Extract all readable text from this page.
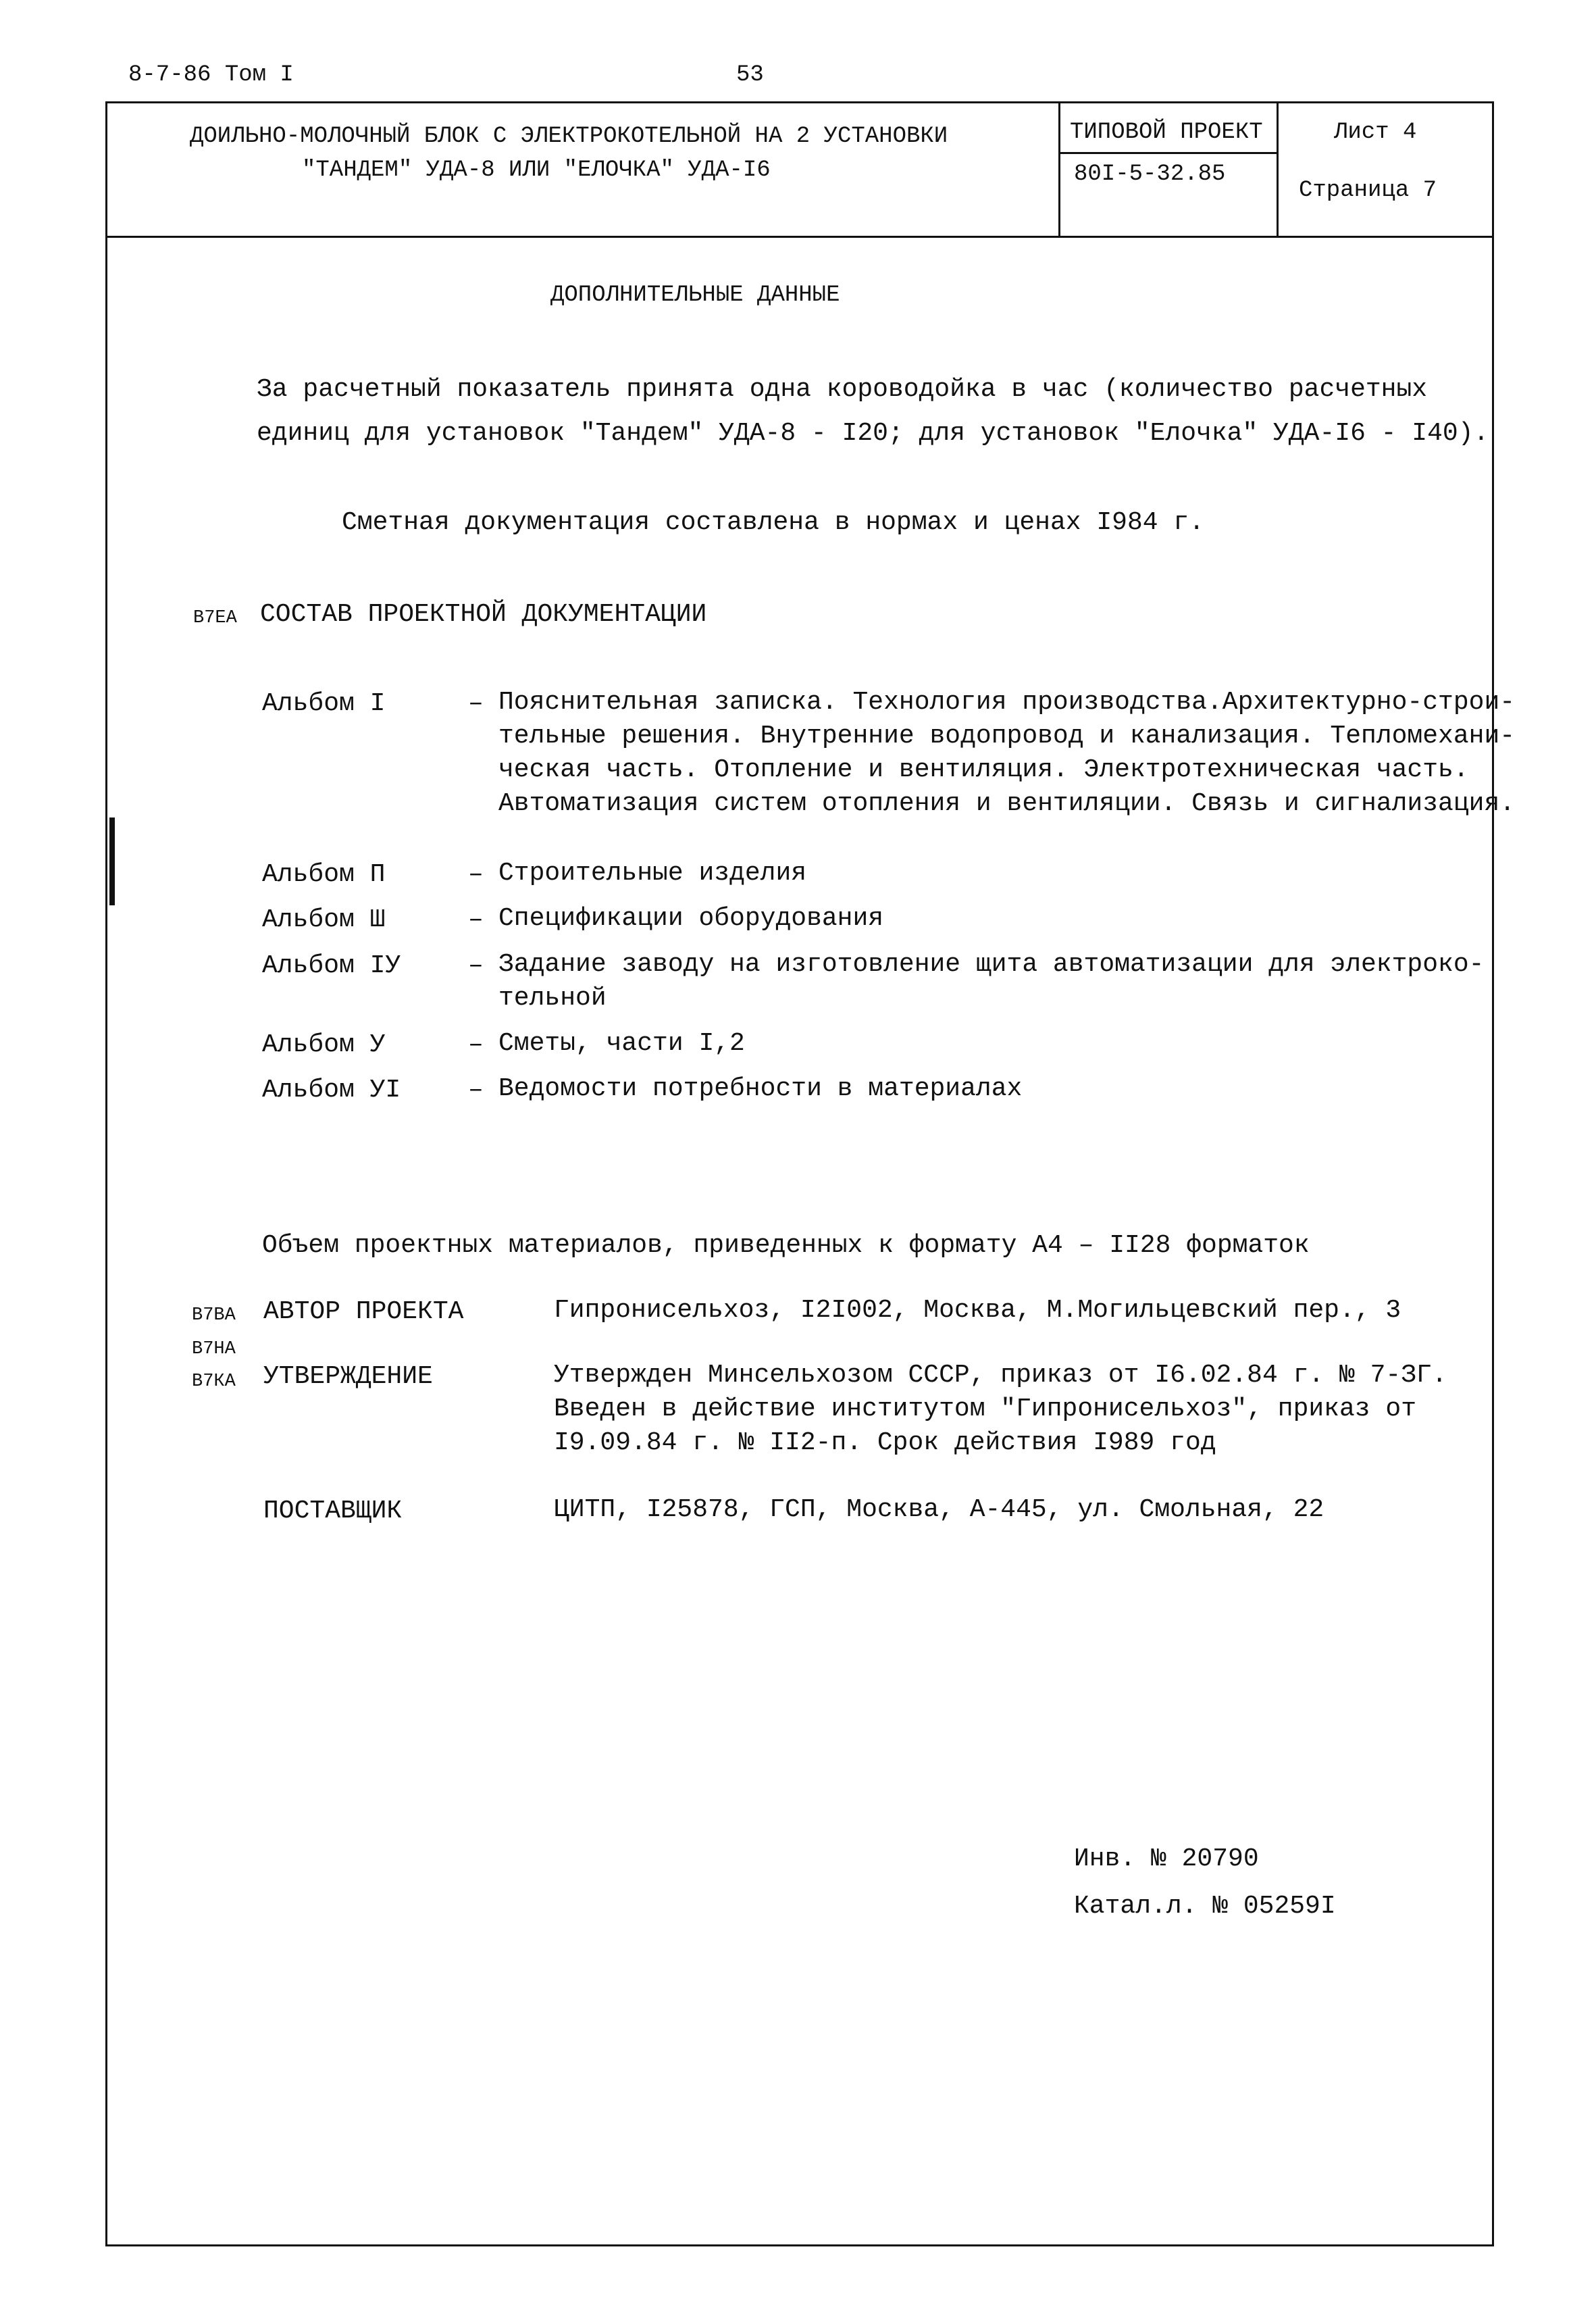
8-7-86 Том I	53
ДОИЛЬНО-МОЛОЧНЫЙ БЛОК С ЭЛЕКТРОКОТЕЛЬНОЙ НА 2 УСТАНОВКИ
"ТАНДЕМ" УДА-8 ИЛИ "ЕЛОЧКА" УДА-I6
ТИПОВОЙ ПРОЕКТ
80I-5-32.85
Лист 4
Страница 7
ДОПОЛНИТЕЛЬНЫЕ ДАННЫЕ
За расчетный показатель принята одна короводойка в час (количество расчетных
единиц для установок "Тандем" УДА-8 - I20; для установок "Елочка" УДА-I6 - I40).
Сметная документация составлена в нормах и ценах I984 г.
В7ЕА СОСТАВ ПРОЕКТНОЙ ДОКУМЕНТАЦИИ
Альбом I	– Пояснительная записка. Технология производства.Архитектурно-строи-
тельные решения. Внутренние водопровод и канализация. Тепломехани-
ческая часть. Отопление и вентиляция. Электротехническая часть.
Автоматизация систем отопления и вентиляции. Связь и сигнализация.
Альбом П	– Строительные изделия
Альбом Ш	– Спецификации оборудования
Альбом IУ	– Задание заводу на изготовление щита автоматизации для электроко-
тельной
Альбом У	– Сметы, части I,2
Альбом УI	– Ведомости потребности в материалах
Объем проектных материалов, приведенных к формату А4 – II28 форматок
В7ВА АВТОР ПРОЕКТА	Гипронисельхоз, I2I002, Москва, М.Могильцевский пер., 3
В7НА
В7КА УТВЕРЖДЕНИЕ	Утвержден Минсельхозом СССР, приказ от I6.02.84 г. № 7-ЗГ.
Введен в действие институтом "Гипронисельхоз", приказ от
I9.09.84 г. № II2-п. Срок действия I989 год
ПОСТАВЩИК	ЦИТП, I25878, ГСП, Москва, А-445, ул. Смольная, 22
Инв. № 20790
Катал.л. № 05259I
